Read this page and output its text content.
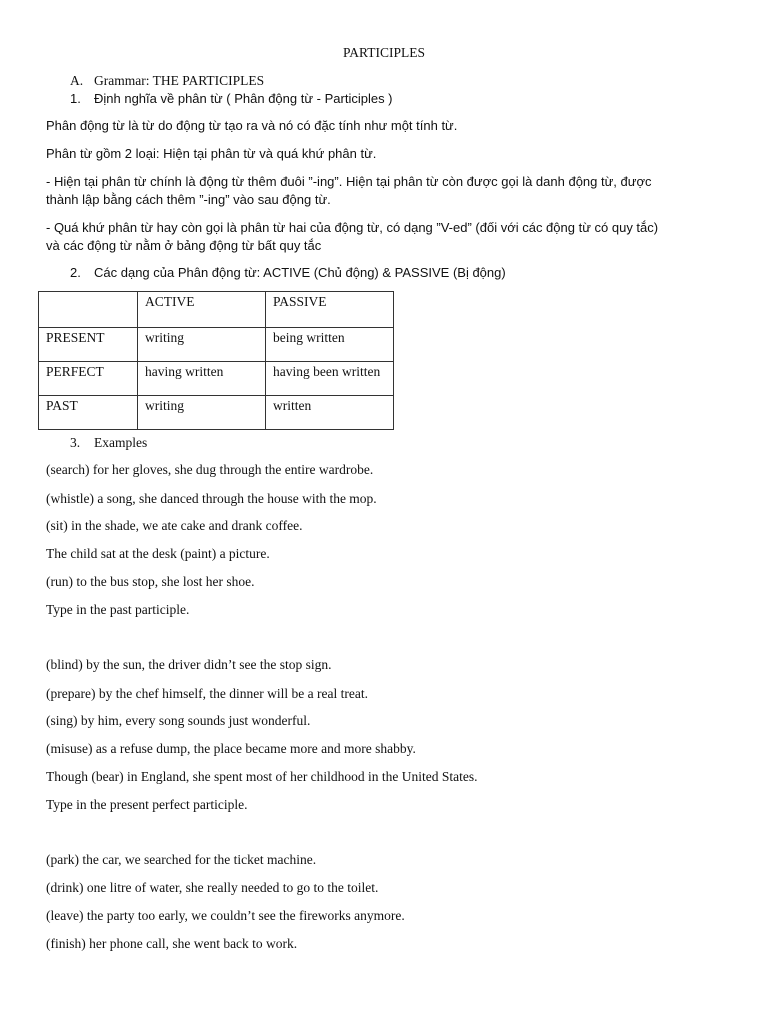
PARTICIPLES
A. Grammar: THE PARTICIPLES
1. Định nghĩa về phân từ ( Phân động từ - Participles )
Phân động từ là từ do động từ tạo ra và nó có đặc tính như một tính từ.
Phân từ gồm 2 loại: Hiện tại phân từ và quá khứ phân từ.
- Hiện tại phân từ chính là động từ thêm đuôi ”-ing”. Hiện tại phân từ còn được gọi là danh động từ, được
thành lập bằng cách thêm ”-ing” vào sau động từ.
- Quá khứ phân từ hay còn gọi là phân từ hai của động từ, có dạng ”V-ed” (đối với các động từ có quy tắc)
và các động từ nằm ở bảng động từ bất quy tắc
2. Các dạng của Phân động từ: ACTIVE (Chủ động) & PASSIVE (Bị động)
	ACTIVE	PASSIVE
PRESENT	writing	being written
PERFECT	having written	having been written
PAST	writing	written
3. Examples
(search) for her gloves, she dug through the entire wardrobe.
(whistle) a song, she danced through the house with the mop.
(sit) in the shade, we ate cake and drank coffee.
The child sat at the desk (paint) a picture.
(run) to the bus stop, she lost her shoe.
Type in the past participle.
(blind) by the sun, the driver didn’t see the stop sign.
(prepare) by the chef himself, the dinner will be a real treat.
(sing) by him, every song sounds just wonderful.
(misuse) as a refuse dump, the place became more and more shabby.
Though (bear) in England, she spent most of her childhood in the United States.
Type in the present perfect participle.
(park) the car, we searched for the ticket machine.
(drink) one litre of water, she really needed to go to the toilet.
(leave) the party too early, we couldn’t see the fireworks anymore.
(finish) her phone call, she went back to work.
